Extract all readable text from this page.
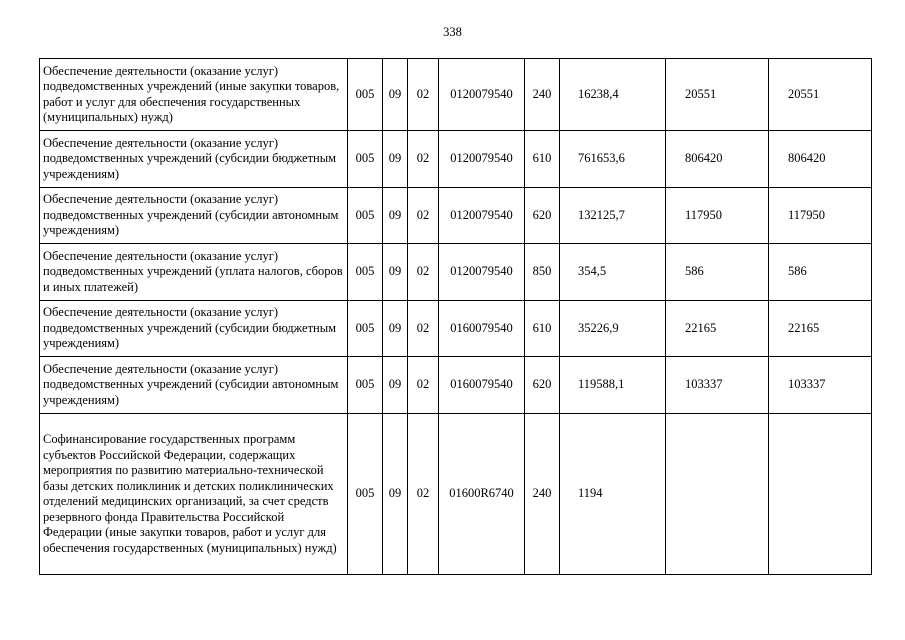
338
Обеспечение деятельности (оказание услуг) подведомственных учреждений (иные закупки товаров, работ и услуг для обеспечения государственных (муниципальных) нужд)	005	09	02	0120079540	240	16238,4	20551	20551
Обеспечение деятельности (оказание услуг) подведомственных учреждений (субсидии бюджетным учреждениям)	005	09	02	0120079540	610	761653,6	806420	806420
Обеспечение деятельности (оказание услуг) подведомственных учреждений (субсидии автономным учреждениям)	005	09	02	0120079540	620	132125,7	117950	117950
Обеспечение деятельности (оказание услуг) подведомственных учреждений (уплата налогов, сборов и иных платежей)	005	09	02	0120079540	850	354,5	586	586
Обеспечение деятельности (оказание услуг) подведомственных учреждений (субсидии бюджетным учреждениям)	005	09	02	0160079540	610	35226,9	22165	22165
Обеспечение деятельности (оказание услуг) подведомственных учреждений (субсидии автономным учреждениям)	005	09	02	0160079540	620	119588,1	103337	103337
Софинансирование государственных программ субъектов Российской Федерации, содержащих мероприятия по развитию материально-технической базы детских поликлиник и детских поликлинических отделений медицинских организаций, за счет средств резервного фонда Правительства Российской Федерации (иные закупки товаров, работ и услуг для обеспечения государственных (муниципальных) нужд)	005	09	02	01600R6740	240	1194		
